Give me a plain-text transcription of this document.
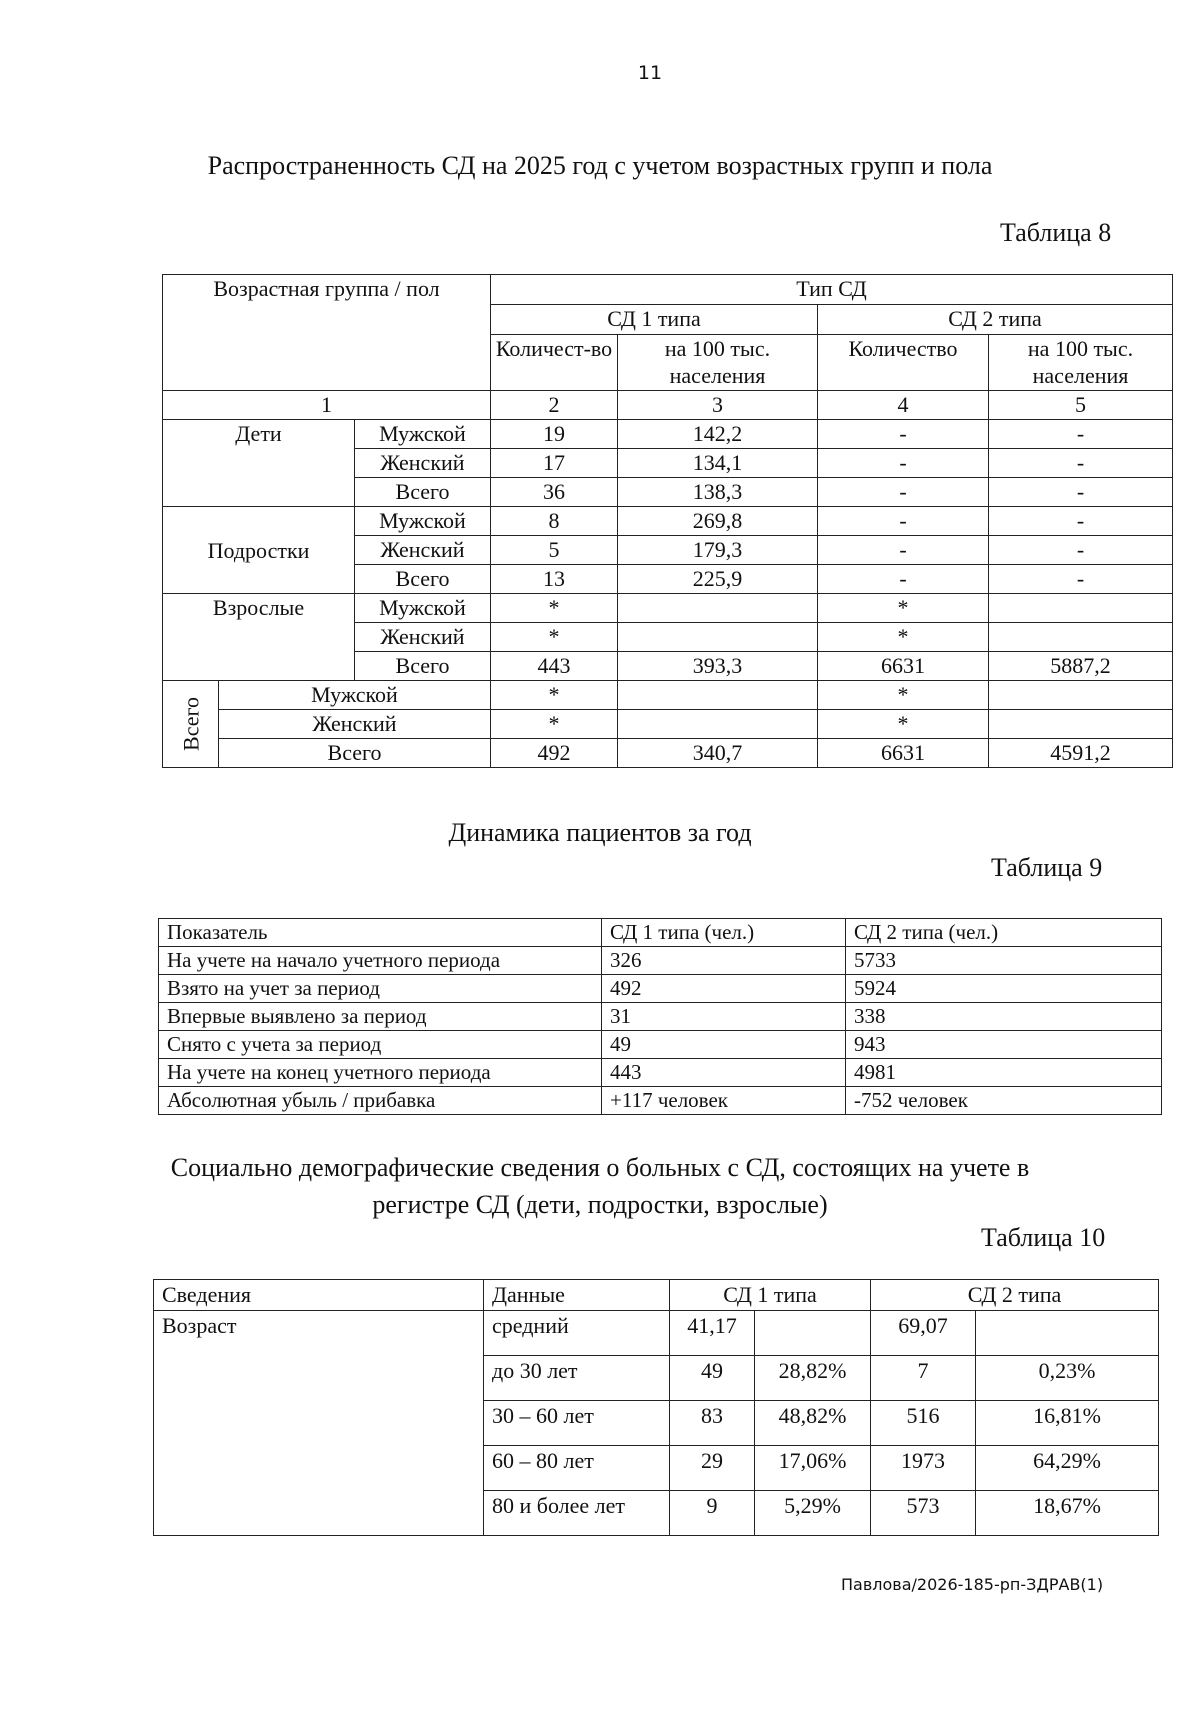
11
Распространенность СД на 2025 год с учетом возрастных групп и пола
Таблица 8
Возрастная группа / пол			Тип СД			
			СД 1 типа		СД 2 типа	
			Количест-во	на 100 тыс. населения	Количество	на 100 тыс. населения
1			2	3	4	5
Дети		Мужской	19	142,2	-	-
		Женский	17	134,1	-	-
		Всего	36	138,3	-	-
Подростки		Мужской	8	269,8	-	-
		Женский	5	179,3	-	-
		Всего	13	225,9	-	-
Взрослые		Мужской	*		*	
		Женский	*		*	
		Всего	443	393,3	6631	5887,2

Всего	Мужской		*		*	
	Женский		*		*	
	Всего		492	340,7	6631	4591,2
Динамика пациентов за год
Таблица 9
Показатель	СД 1 типа (чел.)	СД 2 типа (чел.)
На учете на начало учетного периода	326	5733
Взято на учет за период	492	5924
Впервые выявлено за период	31	338
Снято с учета за период	49	943
На учете на конец учетного периода	443	4981
Абсолютная убыль / прибавка	+117 человек	-752 человек
Социально демографические сведения о больных с СД, состоящих на учете в
регистре СД (дети, подростки, взрослые)
Таблица 10
Сведения	Данные	СД 1 типа		СД 2 типа	
Возраст	средний	41,17		69,07	
	до 30 лет	49	28,82%	7	0,23%
	30 – 60 лет	83	48,82%	516	16,81%
	60 – 80 лет	29	17,06%	1973	64,29%
	80 и более лет	9	5,29%	573	18,67%
Павлова/2026-185-рп-ЗДРАВ(1)
